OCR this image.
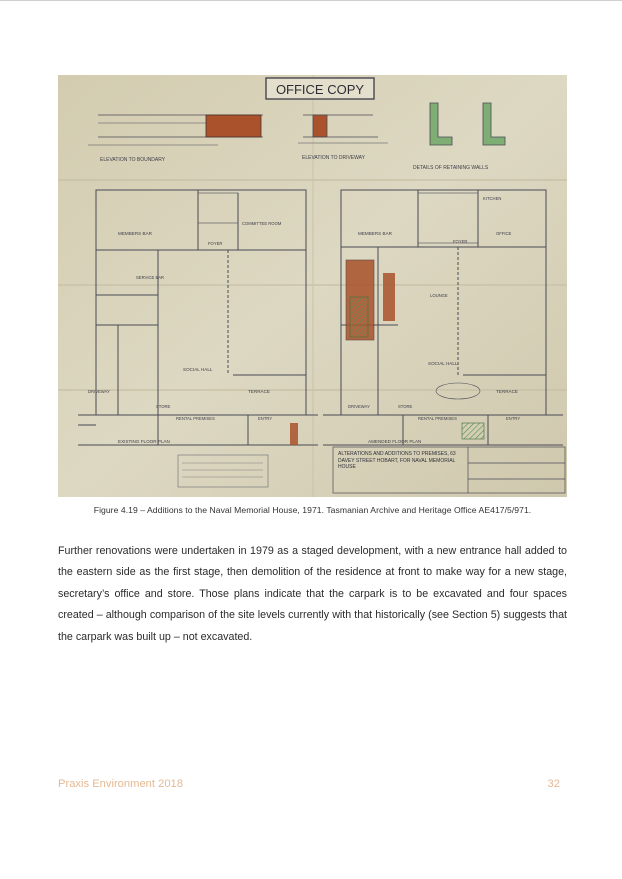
OFFICE COPY
ELEVATION TO BOUNDARY	ELEVATION TO DRIVEWAY
DETAILS OF RETAINING WALLS
MEMBERS BAR
COMMITTEE ROOM
FOYER
SERVICE BAR
SOCIAL HALL
TERRACE
DRIVEWAY
STORE
RENTAL PREMISES	ENTRY
EXISTING FLOOR PLAN
MEMBERS BAR
KITCHEN
OFFICE
FOYER
LOUNGE
SOCIAL HALL
TERRACE
DRIVEWAY	STORE
RENTAL PREMISES	ENTRY
AMENDED FLOOR PLAN
ALTERATIONS AND ADDITIONS TO PREMISES, 63 DAVEY STREET HOBART, FOR NAVAL MEMORIAL HOUSE
Figure 4.19 – Additions to the Naval Memorial House, 1971. Tasmanian Archive and Heritage Office AE417/5/971.

Further renovations were undertaken in 1979 as a staged development, with a new entrance hall added to the eastern side as the first stage, then demolition of the residence at front to make way for a new stage, secretary’s office and store. Those plans indicate that the carpark is to be excavated and four spaces created – although comparison of the site levels currently with that historically (see Section 5) suggests that the carpark was built up – not excavated.

Praxis Environment 2018	32
